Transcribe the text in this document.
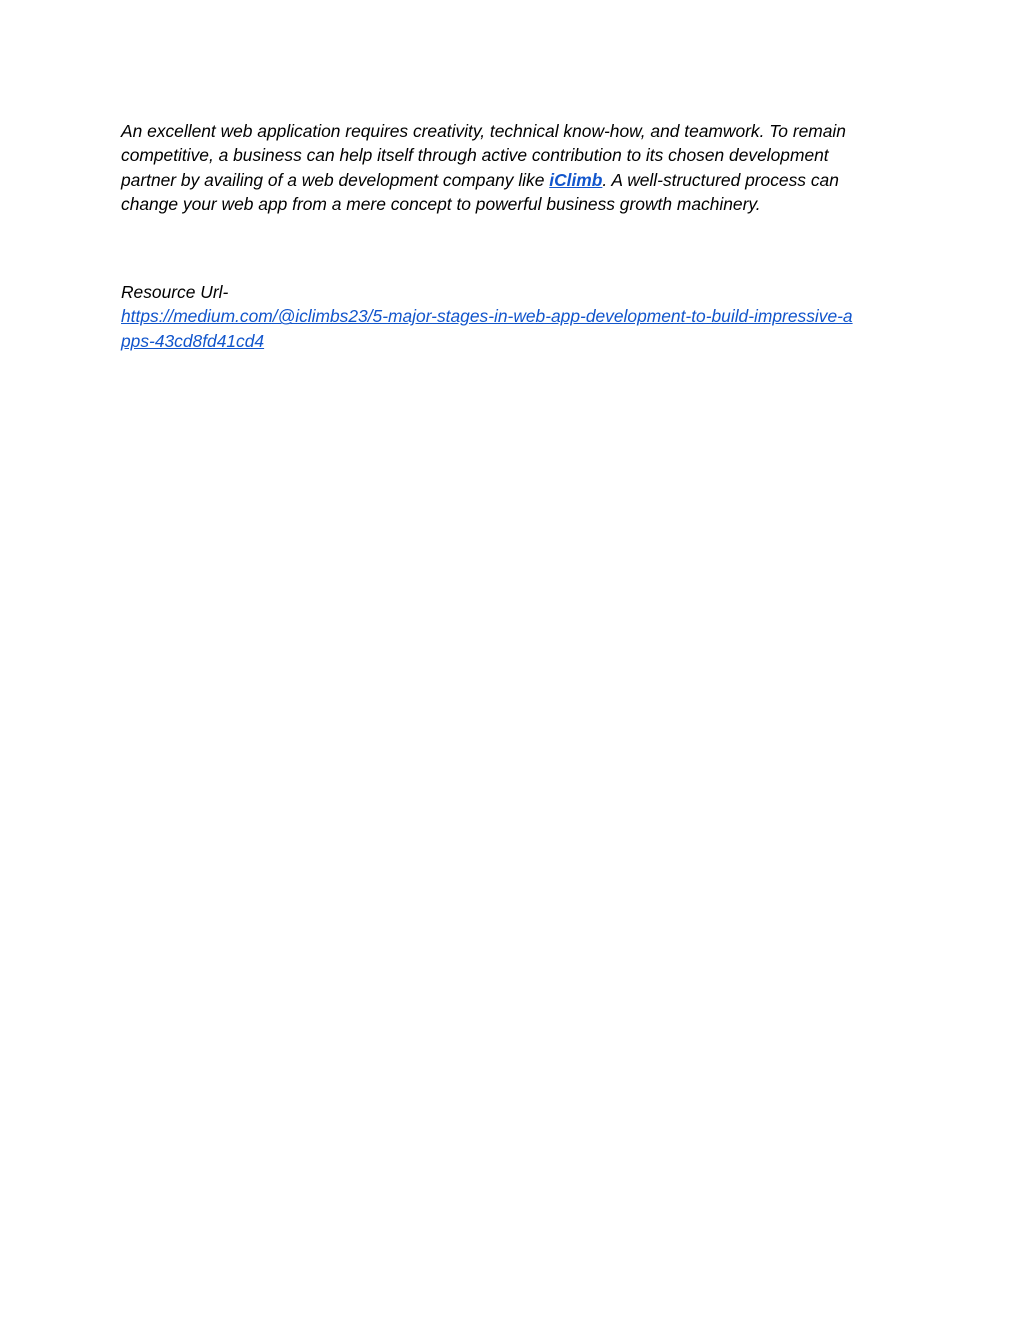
An excellent web application requires creativity, technical know-how, and teamwork. To remain
competitive, a business can help itself through active contribution to its chosen development
partner by availing of a web development company like iClimb. A well-structured process can
change your web app from a mere concept to powerful business growth machinery.

Resource Url-
https://medium.com/@iclimbs23/5-major-stages-in-web-app-development-to-build-impressive-a
pps-43cd8fd41cd4
